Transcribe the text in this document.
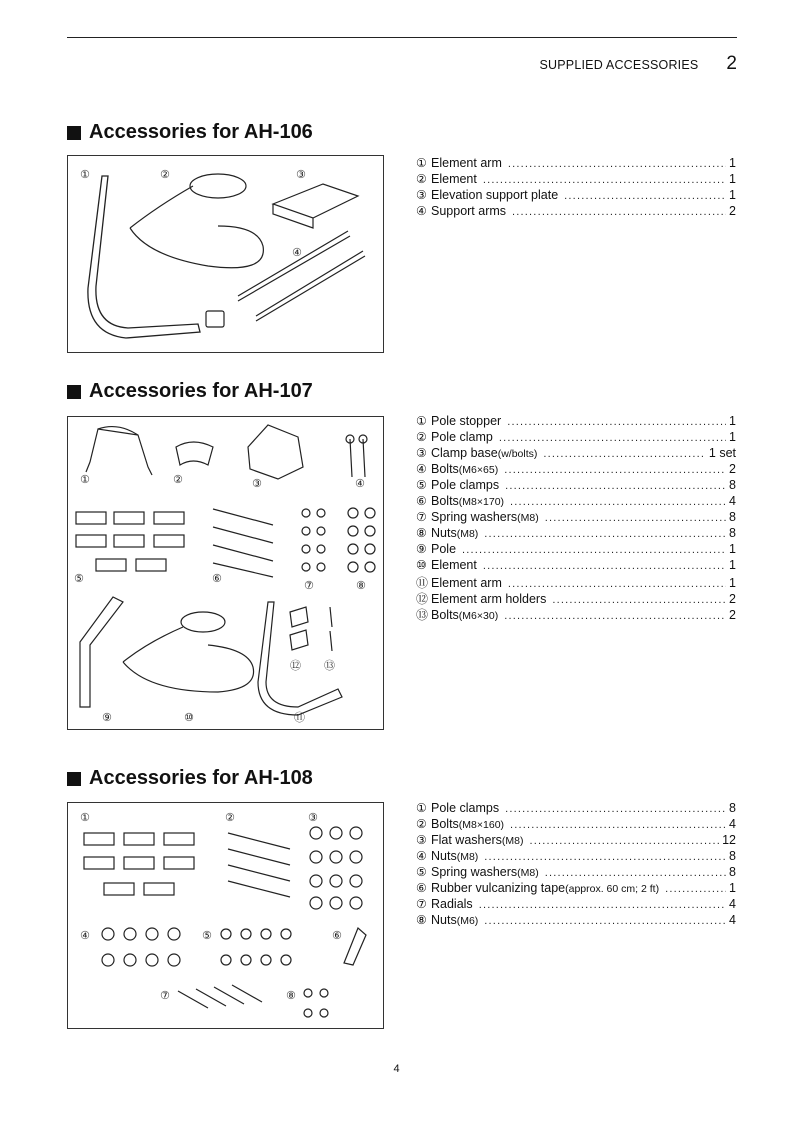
SUPPLIED ACCESSORIES 2
Accessories for AH-106
①	②	③
④
① Element arm .....	1
② Element .....	1
③ Elevation support plate .....	1
④ Support arms .....	2
Accessories for AH-107
①	②	③	④
⑤	⑥
⑦	⑧
⑨	⑩	⑪
⑫ ⑬
① Pole stopper .....	1
② Pole clamp .....	1
③ Clamp base (w/bolts) .....	1 set
④ Bolts (M6×65) .....	2
⑤ Pole clamps .....	8
⑥ Bolts (M8×170) .....	4
⑦ Spring washers (M8) .....	8
⑧ Nuts (M8) .....	8
⑨ Pole .....	1
⑩ Element .....	1
⑪ Element arm .....	1
⑫ Element arm holders .....	2
⑬ Bolts (M6×30) .....	2
Accessories for AH-108
①	②	③
④	⑤	⑥
⑦	⑧
① Pole clamps .....	8
② Bolts (M8×160) .....	4
③ Flat washers (M8) .....	12
④ Nuts (M8) .....	8
⑤ Spring washers (M8) .....	8
⑥ Rubber vulcanizing tape (approx. 60 cm; 2 ft) .....	1
⑦ Radials .....	4
⑧ Nuts (M6) .....	4
4
